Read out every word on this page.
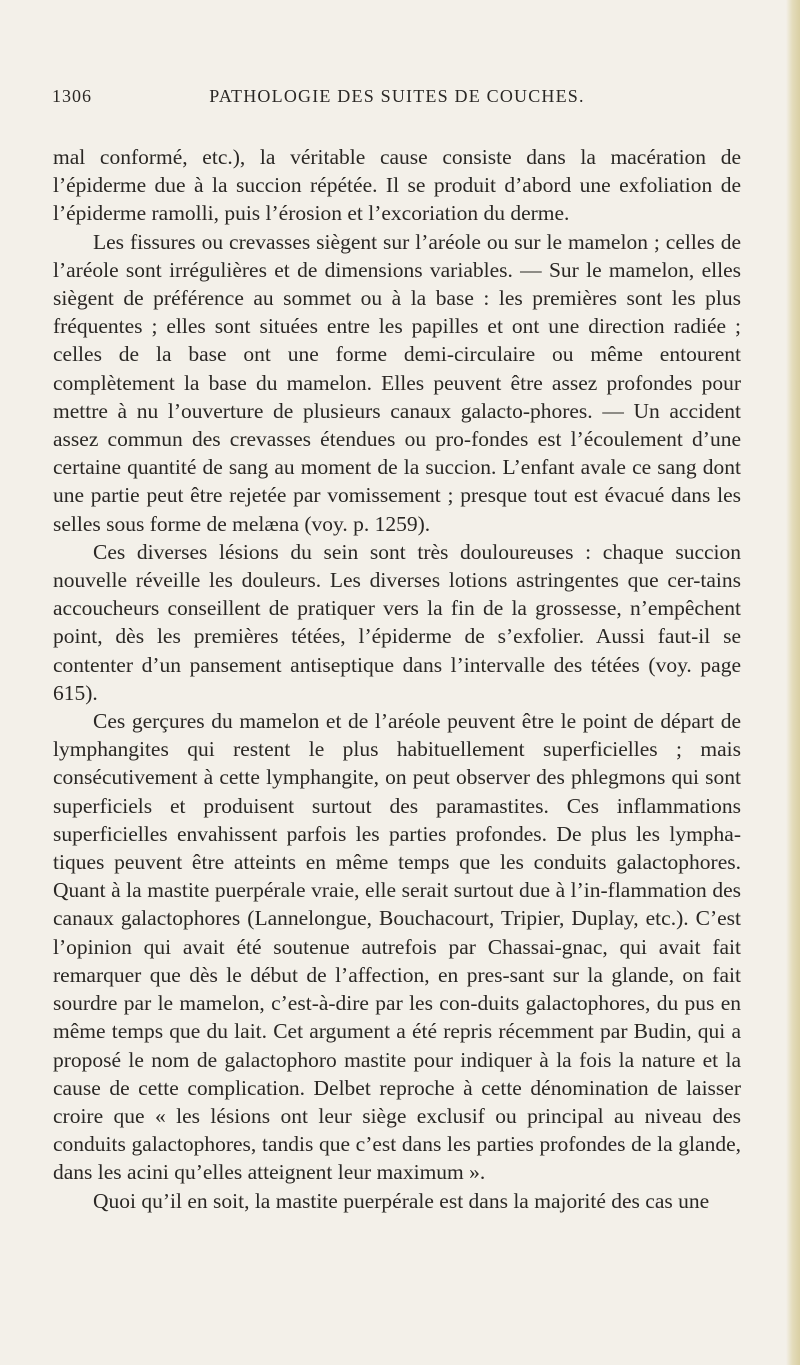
1306	PATHOLOGIE DES SUITES DE COUCHES.

mal conformé, etc.), la véritable cause consiste dans la macération de l’épiderme due à la succion répétée. Il se produit d’abord une exfoliation de l’épiderme ramolli, puis l’érosion et l’excoriation du derme.

Les fissures ou crevasses siègent sur l’aréole ou sur le mamelon ; celles de l’aréole sont irrégulières et de dimensions variables. — Sur le mamelon, elles siègent de préférence au sommet ou à la base : les premières sont les plus fréquentes ; elles sont situées entre les papilles et ont une direction radiée ; celles de la base ont une forme demi-circulaire ou même entourent complètement la base du mamelon. Elles peuvent être assez profondes pour mettre à nu l’ouverture de plusieurs canaux galacto-phores. — Un accident assez commun des crevasses étendues ou pro-fondes est l’écoulement d’une certaine quantité de sang au moment de la succion. L’enfant avale ce sang dont une partie peut être rejetée par vomissement ; presque tout est évacué dans les selles sous forme de melæna (voy. p. 1259).

Ces diverses lésions du sein sont très douloureuses : chaque succion nouvelle réveille les douleurs. Les diverses lotions astringentes que cer-tains accoucheurs conseillent de pratiquer vers la fin de la grossesse, n’empêchent point, dès les premières tétées, l’épiderme de s’exfolier. Aussi faut-il se contenter d’un pansement antiseptique dans l’intervalle des tétées (voy. page 615).

Ces gerçures du mamelon et de l’aréole peuvent être le point de départ de lymphangites qui restent le plus habituellement superficielles ; mais consécutivement à cette lymphangite, on peut observer des phlegmons qui sont superficiels et produisent surtout des paramastites. Ces inflammations superficielles envahissent parfois les parties profondes. De plus les lympha-tiques peuvent être atteints en même temps que les conduits galactophores. Quant à la mastite puerpérale vraie, elle serait surtout due à l’in-flammation des canaux galactophores (Lannelongue, Bouchacourt, Tripier, Duplay, etc.). C’est l’opinion qui avait été soutenue autrefois par Chassai-gnac, qui avait fait remarquer que dès le début de l’affection, en pres-sant sur la glande, on fait sourdre par le mamelon, c’est-à-dire par les con-duits galactophores, du pus en même temps que du lait. Cet argument a été repris récemment par Budin, qui a proposé le nom de galactophoro mastite pour indiquer à la fois la nature et la cause de cette complication. Delbet reproche à cette dénomination de laisser croire que « les lésions ont leur siège exclusif ou principal au niveau des conduits galactophores, tandis que c’est dans les parties profondes de la glande, dans les acini qu’elles atteignent leur maximum ».

Quoi qu’il en soit, la mastite puerpérale est dans la majorité des cas une
